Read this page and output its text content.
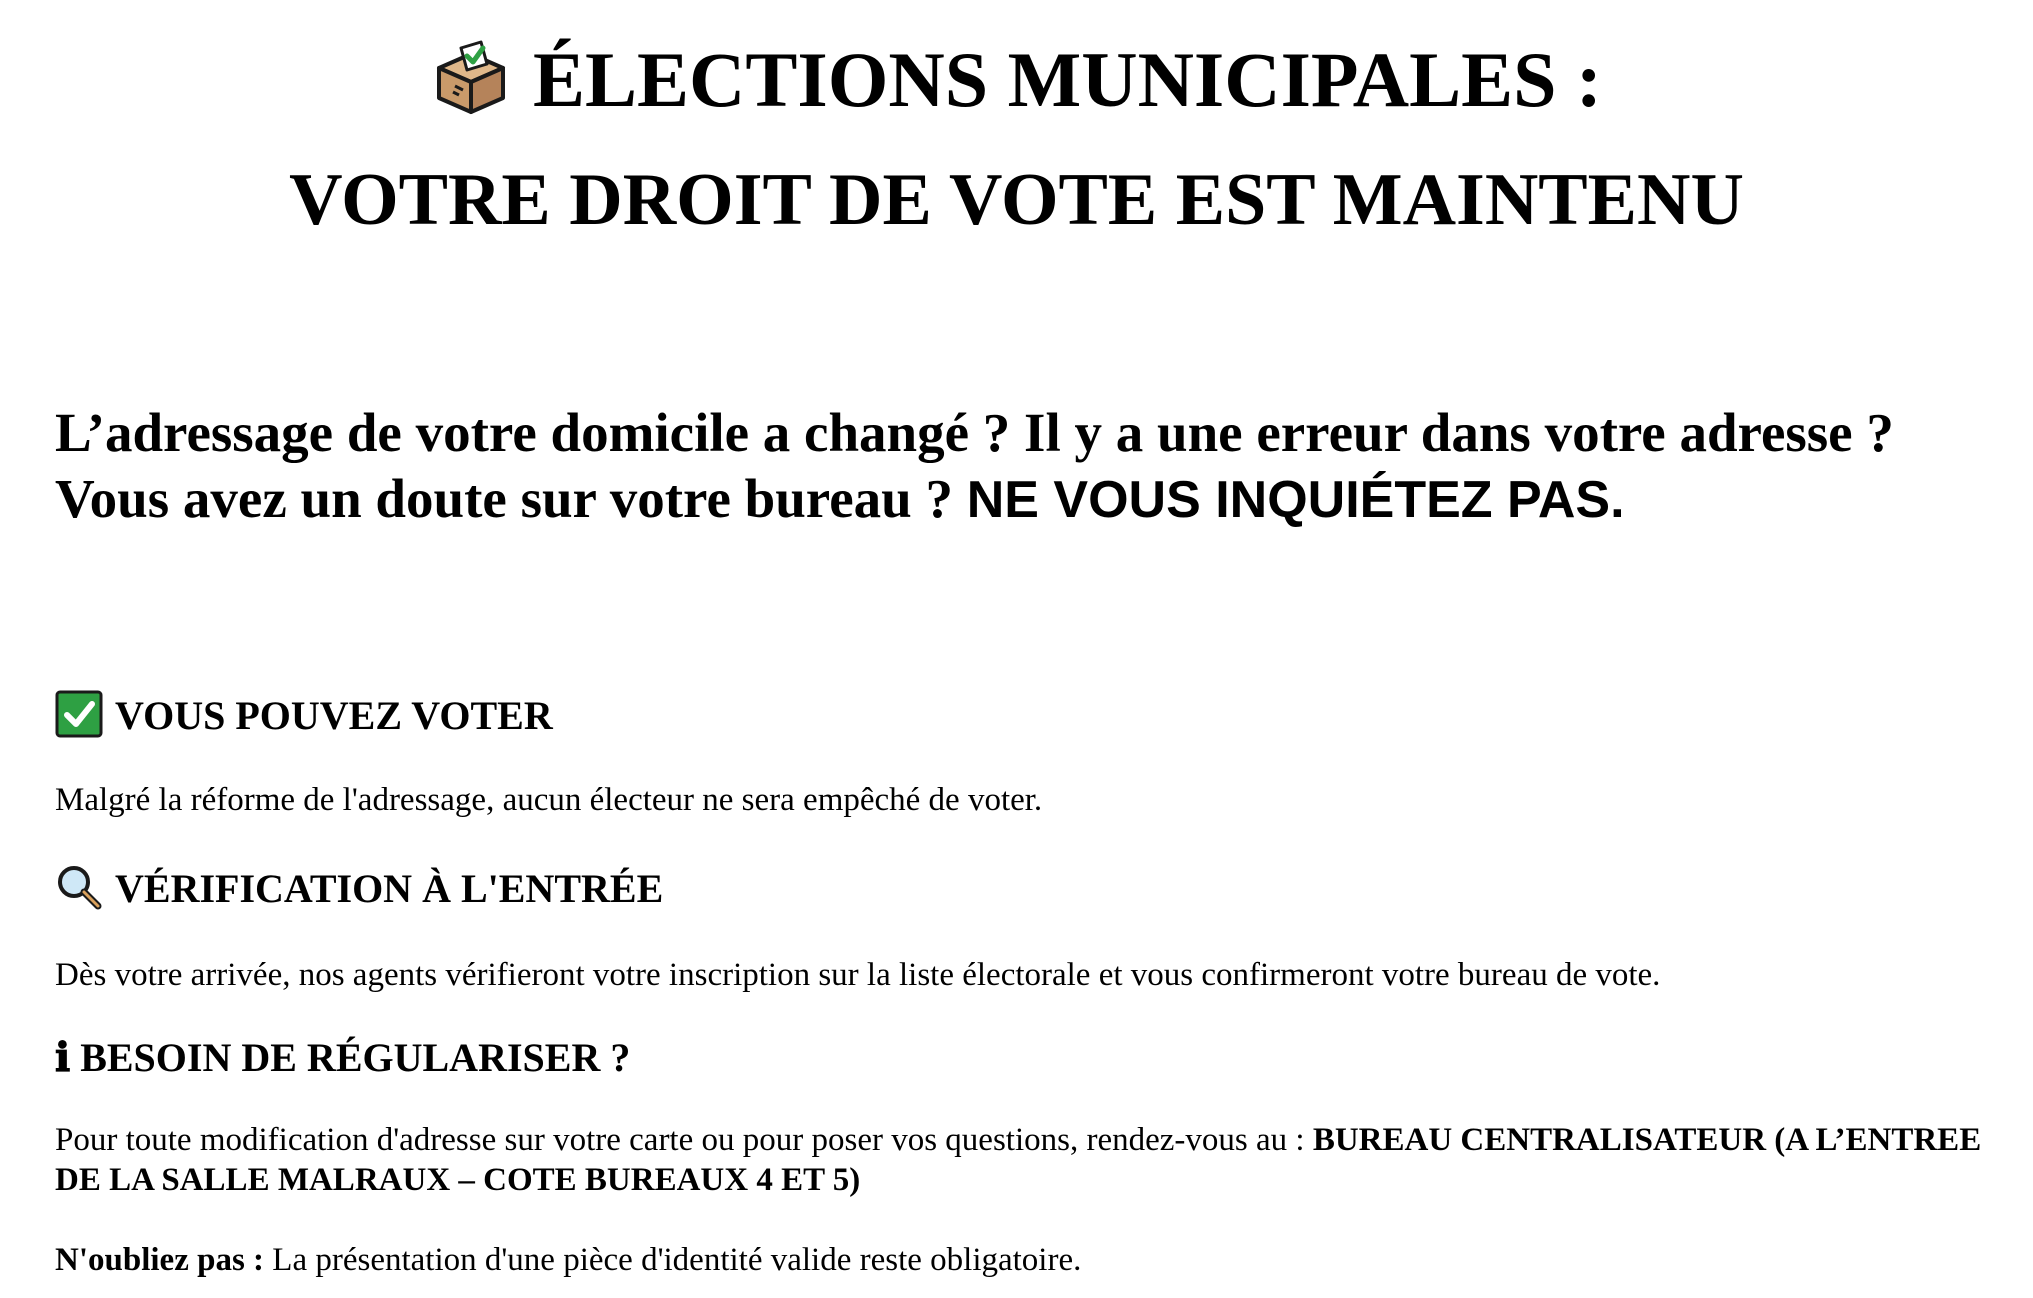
ÉLECTIONS MUNICIPALES :
VOTRE DROIT DE VOTE EST MAINTENU
L’adressage de votre domicile a changé ? Il y a une erreur dans votre adresse ?
Vous avez un doute sur votre bureau ? NE VOUS INQUIÉTEZ PAS.
VOUS POUVEZ VOTER
Malgré la réforme de l'adressage, aucun électeur ne sera empêché de voter.
VÉRIFICATION À L'ENTRÉE
Dès votre arrivée, nos agents vérifieront votre inscription sur la liste électorale et vous confirmeront votre bureau de vote.
ℹ BESOIN DE RÉGULARISER ?
Pour toute modification d'adresse sur votre carte ou pour poser vos questions, rendez-vous au : BUREAU CENTRALISATEUR (A L’ENTREE DE LA SALLE MALRAUX – COTE BUREAUX 4 ET 5)
N'oubliez pas : La présentation d'une pièce d'identité valide reste obligatoire.
